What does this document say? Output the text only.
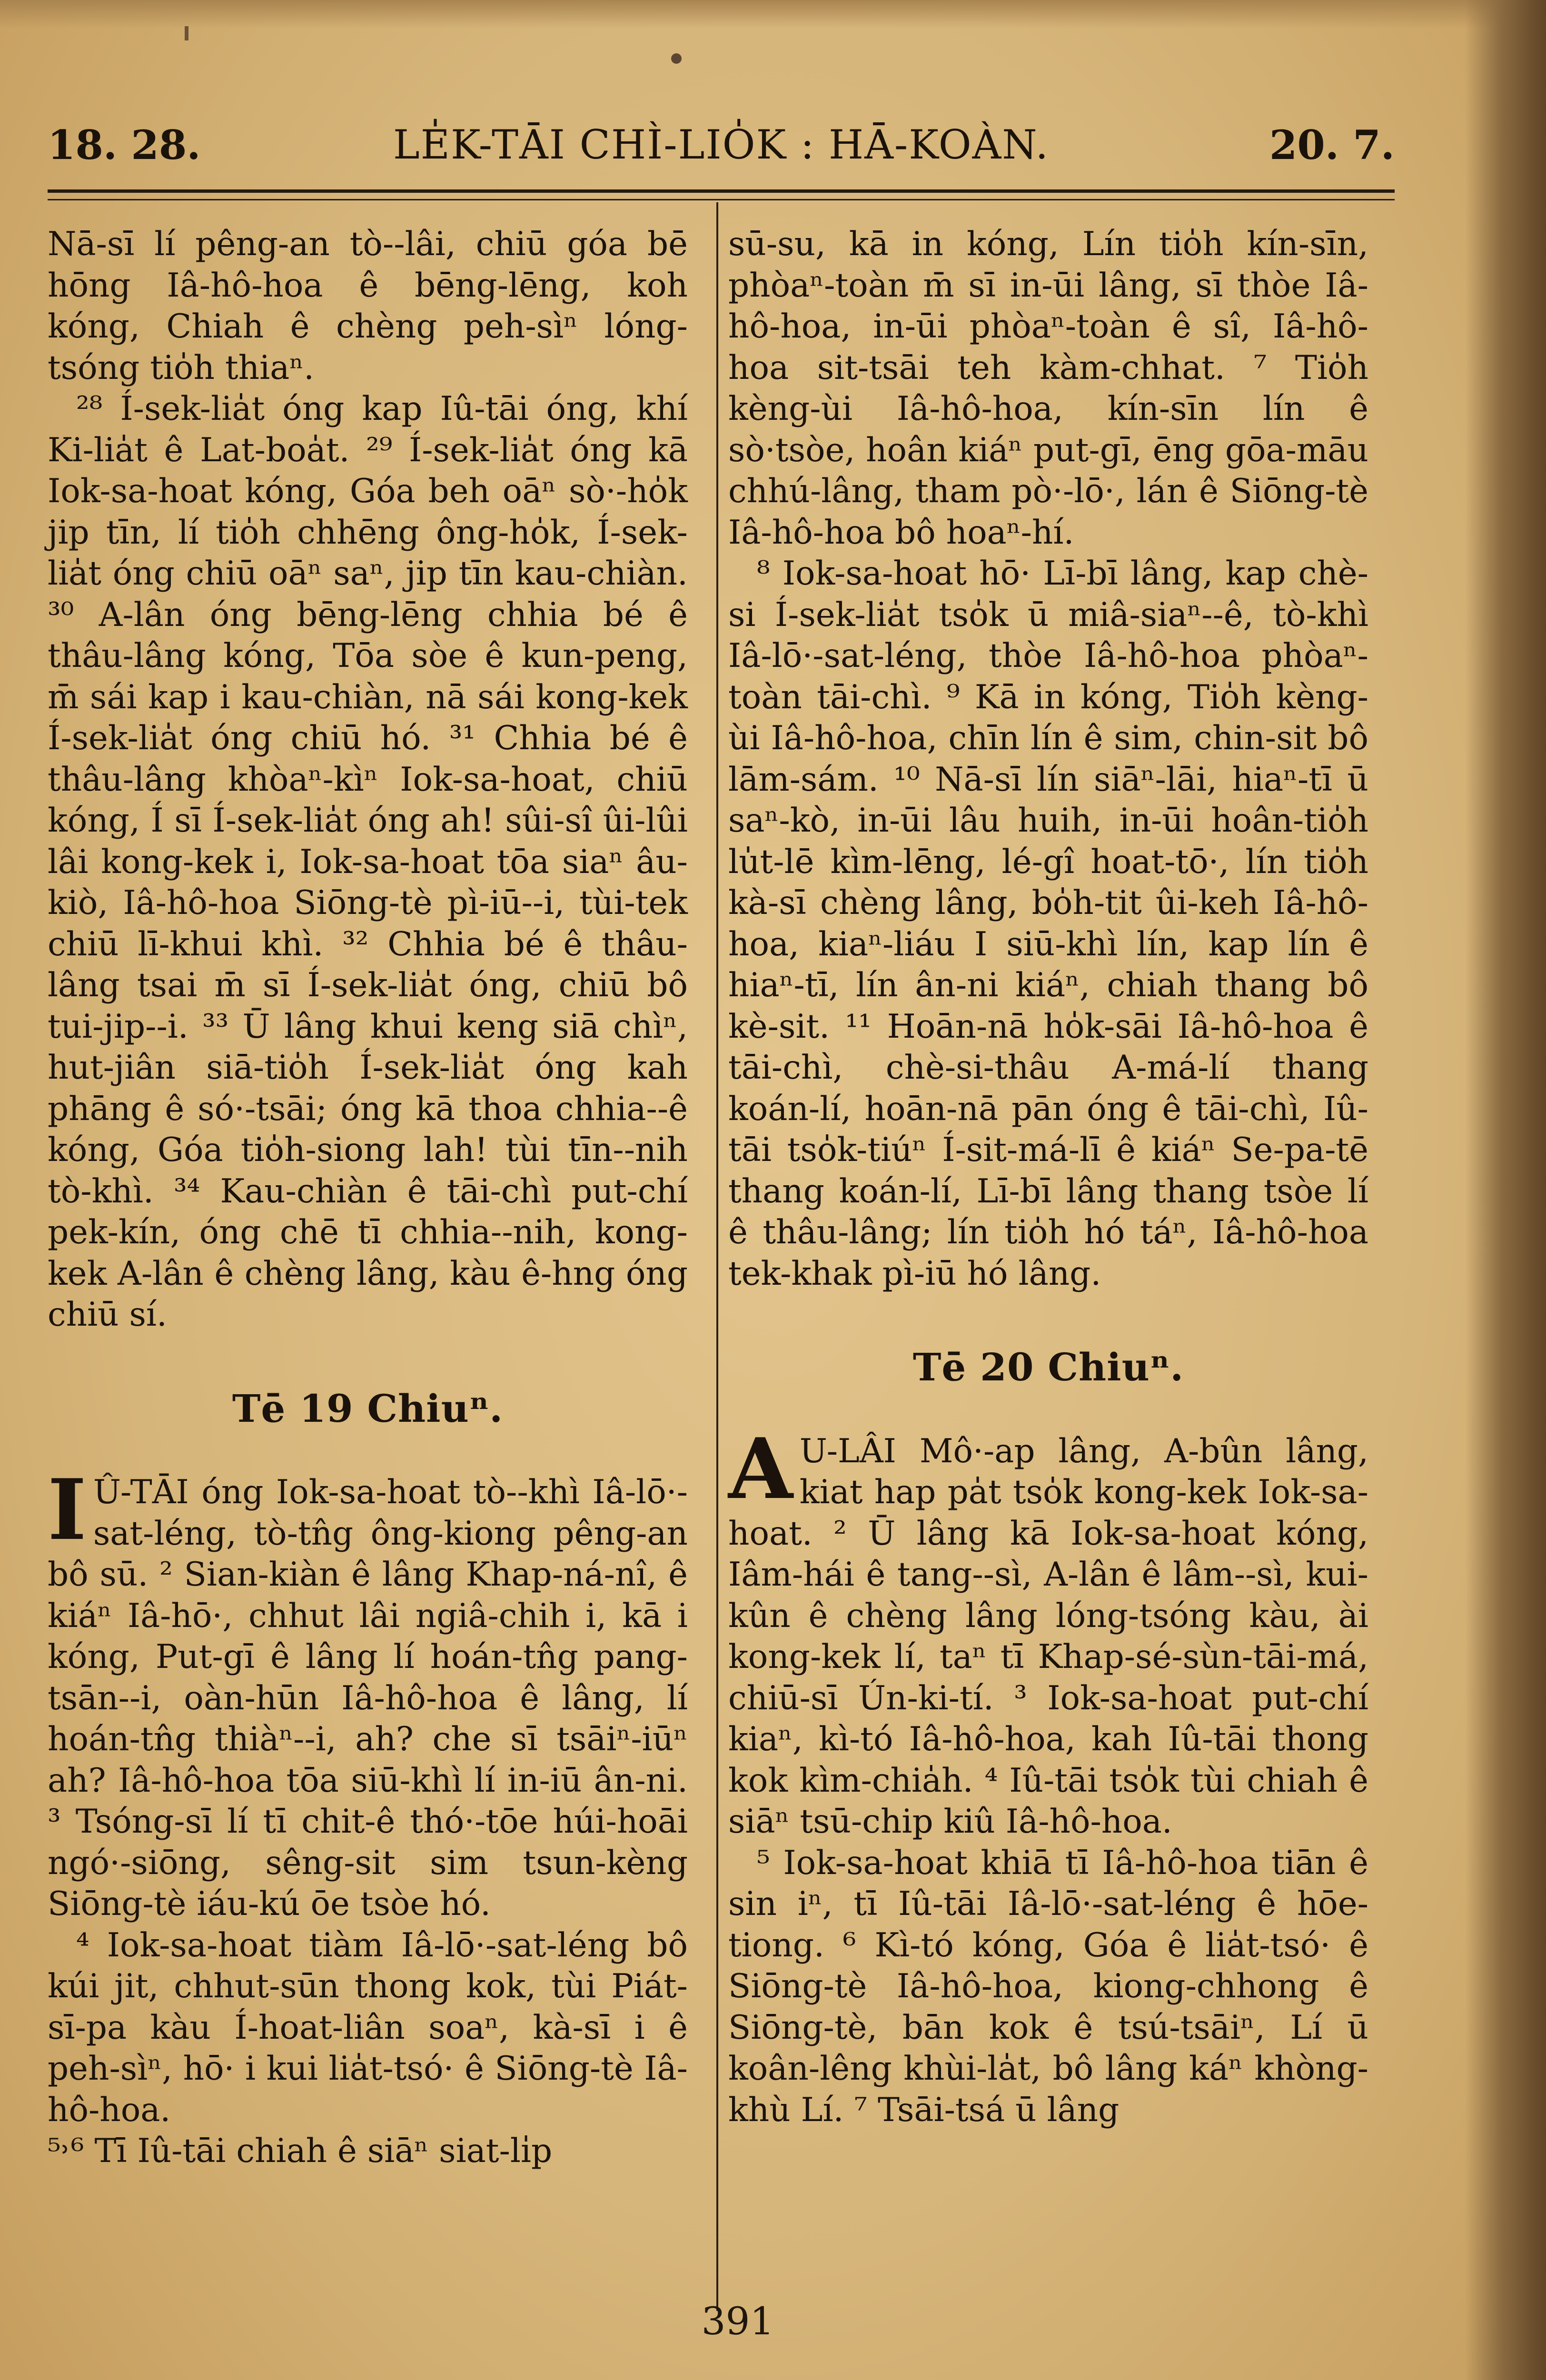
LE̍K-TĀI CHÌ-LIO̍K : HĀ-KOÀN.
18. 28.	20. 7.

Nā-sī lí pêng-an tò--lâi, chiū góa bē hōng Iâ-hô-hoa ê bēng-lēng, koh kóng, Chiah ê chèng peh-sìⁿ lóng-tsóng tio̍h thiaⁿ.

²⁸ Í-sek-lia̍t óng kap Iû-tāi óng, khí Ki-lia̍t ê Lat-boa̍t. ²⁹ Í-sek-lia̍t óng kā Iok-sa-hoat kóng, Góa beh oāⁿ sò·-ho̍k jip tīn, lí tio̍h chhēng ông-ho̍k, Í-sek-lia̍t óng chiū oāⁿ saⁿ, jip tīn kau-chiàn. ³⁰ A-lân óng bēng-lēng chhia bé ê thâu-lâng kóng, Tōa sòe ê kun-peng, m̄ sái kap i kau-chiàn, nā sái kong-kek Í-sek-lia̍t óng chiū hó. ³¹ Chhia bé ê thâu-lâng khòaⁿ-kìⁿ Iok-sa-hoat, chiū kóng, Í sī Í-sek-lia̍t óng ah! sûi-sî ûi-lûi lâi kong-kek i, Iok-sa-hoat tōa siaⁿ âu-kiò, Iâ-hô-hoa Siōng-tè pì-iū--i, tùi-tek chiū lī-khui khì. ³² Chhia bé ê thâu-lâng tsai m̄ sī Í-sek-lia̍t óng, chiū bô tui-jip--i. ³³ Ū lâng khui keng siā chìⁿ, hut-jiân siā-tio̍h Í-sek-lia̍t óng kah phāng ê só·-tsāi; óng kā thoa chhia--ê kóng, Góa tio̍h-siong lah! tùi tīn--nih tò-khì. ³⁴ Kau-chiàn ê tāi-chì put-chí pek-kín, óng chē tī chhia--nih, kong-kek A-lân ê chèng lâng, kàu ê-hng óng chiū sí.

Tē 19 Chiuⁿ.

I Û-TĀI óng Iok-sa-hoat tò--khì Iâ-lō·-sat-léng, tò-tn̂g ông-kiong pêng-an bô sū. ² Sian-kiàn ê lâng Khap-ná-nî, ê kiáⁿ Iâ-hō·, chhut lâi ngiâ-chih i, kā i kóng, Put-gī ê lâng lí hoán-tn̂g pang-tsān--i, oàn-hūn Iâ-hô-hoa ê lâng, lí hoán-tn̂g thiàⁿ--i, ah? che sī tsāiⁿ-iūⁿ ah? Iâ-hô-hoa tōa siū-khì lí in-iū ân-ni. ³ Tsóng-sī lí tī chit-ê thó·-tōe húi-hoāi ngó·-siōng, sêng-sit sim tsun-kèng Siōng-tè iáu-kú ōe tsòe hó.

⁴ Iok-sa-hoat tiàm Iâ-lō·-sat-léng bô kúi jit, chhut-sūn thong kok, tùi Piát-sī-pa kàu Í-hoat-liân soaⁿ, kà-sī i ê peh-sìⁿ, hō· i kui lia̍t-tsó· ê Siōng-tè Iâ-hô-hoa.

⁵˒⁶ Tī Iû-tāi chiah ê siāⁿ siat-li̍p

sū-su, kā in kóng, Lín tio̍h kín-sīn, phòaⁿ-toàn m̄ sī in-ūi lâng, sī thòe Iâ-hô-hoa, in-ūi phòaⁿ-toàn ê sî, Iâ-hô-hoa sit-tsāi teh kàm-chhat. ⁷ Tio̍h kèng-ùi Iâ-hô-hoa, kín-sīn lín ê sò·tsòe, hoân kiáⁿ put-gī, ēng gōa-māu chhú-lâng, tham pò·-lō·, lán ê Siōng-tè Iâ-hô-hoa bô hoaⁿ-hí.

⁸ Iok-sa-hoat hō· Lī-bī lâng, kap chè-si Í-sek-lia̍t tso̍k ū miâ-siaⁿ--ê, tò-khì Iâ-lō·-sat-léng, thòe Iâ-hô-hoa phòaⁿ-toàn tāi-chì. ⁹ Kā in kóng, Tio̍h kèng-ùi Iâ-hô-hoa, chīn lín ê sim, chin-sit bô lām-sám. ¹⁰ Nā-sī lín siāⁿ-lāi, hiaⁿ-tī ū saⁿ-kò, in-ūi lâu huih, in-ūi hoân-tio̍h lu̍t-lē kìm-lēng, lé-gî hoat-tō·, lín tio̍h kà-sī chèng lâng, bo̍h-tit ûi-keh Iâ-hô-hoa, kiaⁿ-liáu I siū-khì lín, kap lín ê hiaⁿ-tī, lín ân-ni kiáⁿ, chiah thang bô kè-sit. ¹¹ Hoān-nā ho̍k-sāi Iâ-hô-hoa ê tāi-chì, chè-si-thâu A-má-lí thang koán-lí, hoān-nā pān óng ê tāi-chì, Iû-tāi tso̍k-tiúⁿ Í-sit-má-lī ê kiáⁿ Se-pa-tē thang koán-lí, Lī-bī lâng thang tsòe lí ê thâu-lâng; lín tio̍h hó táⁿ, Iâ-hô-hoa tek-khak pì-iū hó lâng.

Tē 20 Chiuⁿ.

A U-LÂI Mô·-ap lâng, A-bûn lâng, kiat hap pa̍t tso̍k kong-kek Iok-sa-hoat. ² Ū lâng kā Iok-sa-hoat kóng, Iâm-hái ê tang--sì, A-lân ê lâm--sì, kui-kûn ê chèng lâng lóng-tsóng kàu, ài kong-kek lí, taⁿ tī Khap-sé-sùn-tāi-má, chiū-sī Ún-ki-tí. ³ Iok-sa-hoat put-chí kiaⁿ, kì-tó Iâ-hô-hoa, kah Iû-tāi thong kok kìm-chia̍h. ⁴ Iû-tāi tso̍k tùi chiah ê siāⁿ tsū-chip kiû Iâ-hô-hoa.

⁵ Iok-sa-hoat khiā tī Iâ-hô-hoa tiān ê sin iⁿ, tī Iû-tāi Iâ-lō·-sat-léng ê hōe-tiong. ⁶ Kì-tó kóng, Góa ê lia̍t-tsó· ê Siōng-tè Iâ-hô-hoa, kiong-chhong ê Siōng-tè, bān kok ê tsú-tsāiⁿ, Lí ū koân-lêng khùi-la̍t, bô lâng káⁿ khòng-khù Lí. ⁷ Tsāi-tsá ū lâng

391
